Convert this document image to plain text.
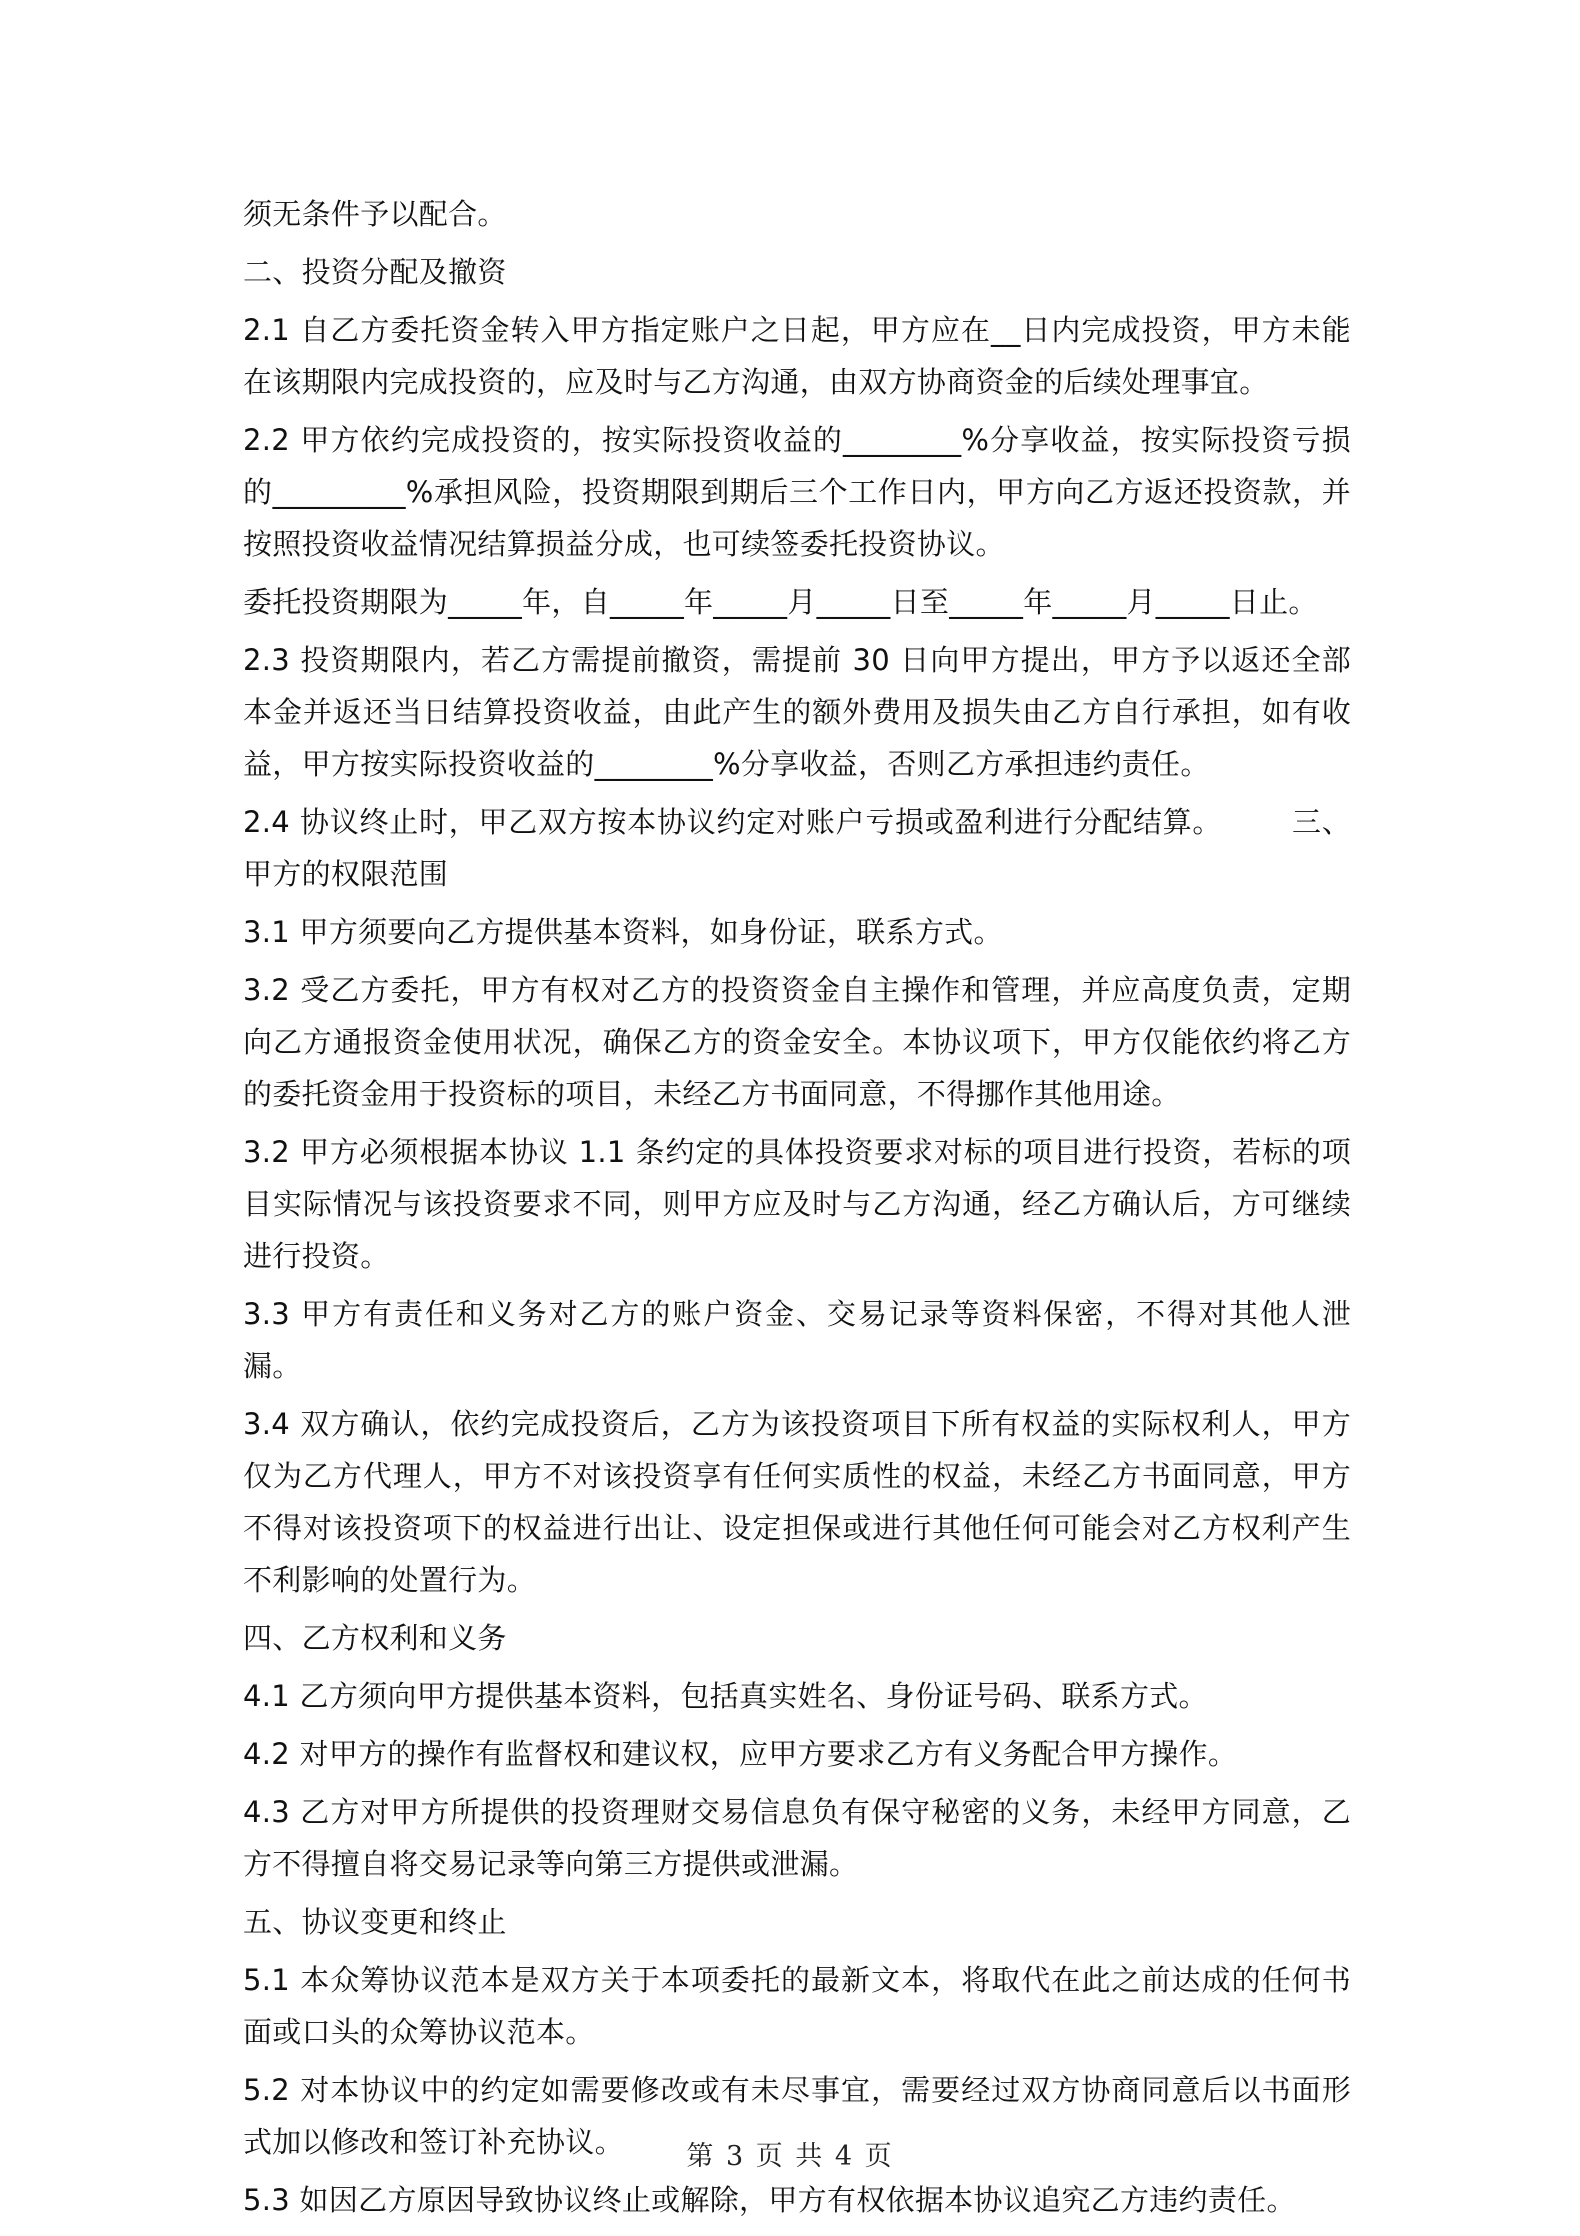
须无条件予以配合。

二、投资分配及撤资

2.1 自乙方委托资金转入甲方指定账户之日起，甲方应在__日内完成投资，甲方未能在该期限内完成投资的，应及时与乙方沟通，由双方协商资金的后续处理事宜。

2.2 甲方依约完成投资的，按实际投资收益的________%分享收益，按实际投资亏损的_________%承担风险，投资期限到期后三个工作日内，甲方向乙方返还投资款，并按照投资收益情况结算损益分成，也可续签委托投资协议。

委托投资期限为_____年，自_____年_____月_____日至_____年_____月_____日止。

2.3 投资期限内，若乙方需提前撤资，需提前 30 日向甲方提出，甲方予以返还全部本金并返还当日结算投资收益，由此产生的额外费用及损失由乙方自行承担，如有收益，甲方按实际投资收益的________%分享收益，否则乙方承担违约责任。

2.4 协议终止时，甲乙双方按本协议约定对账户亏损或盈利进行分配结算。       三、甲方的权限范围

3.1 甲方须要向乙方提供基本资料，如身份证，联系方式。

3.2 受乙方委托，甲方有权对乙方的投资资金自主操作和管理，并应高度负责，定期向乙方通报资金使用状况，确保乙方的资金安全。本协议项下，甲方仅能依约将乙方的委托资金用于投资标的项目，未经乙方书面同意，不得挪作其他用途。

3.2 甲方必须根据本协议 1.1 条约定的具体投资要求对标的项目进行投资，若标的项目实际情况与该投资要求不同，则甲方应及时与乙方沟通，经乙方确认后，方可继续进行投资。

3.3 甲方有责任和义务对乙方的账户资金、交易记录等资料保密，不得对其他人泄漏。

3.4 双方确认，依约完成投资后，乙方为该投资项目下所有权益的实际权利人，甲方仅为乙方代理人，甲方不对该投资享有任何实质性的权益，未经乙方书面同意，甲方不得对该投资项下的权益进行出让、设定担保或进行其他任何可能会对乙方权利产生不利影响的处置行为。

四、乙方权利和义务

4.1 乙方须向甲方提供基本资料，包括真实姓名、身份证号码、联系方式。

4.2 对甲方的操作有监督权和建议权，应甲方要求乙方有义务配合甲方操作。

4.3 乙方对甲方所提供的投资理财交易信息负有保守秘密的义务，未经甲方同意，乙方不得擅自将交易记录等向第三方提供或泄漏。

五、协议变更和终止

5.1 本众筹协议范本是双方关于本项委托的最新文本，将取代在此之前达成的任何书面或口头的众筹协议范本。

5.2 对本协议中的约定如需要修改或有未尽事宜，需要经过双方协商同意后以书面形式加以修改和签订补充协议。

5.3 如因乙方原因导致协议终止或解除，甲方有权依据本协议追究乙方违约责任。

第 3 页 共 4 页
